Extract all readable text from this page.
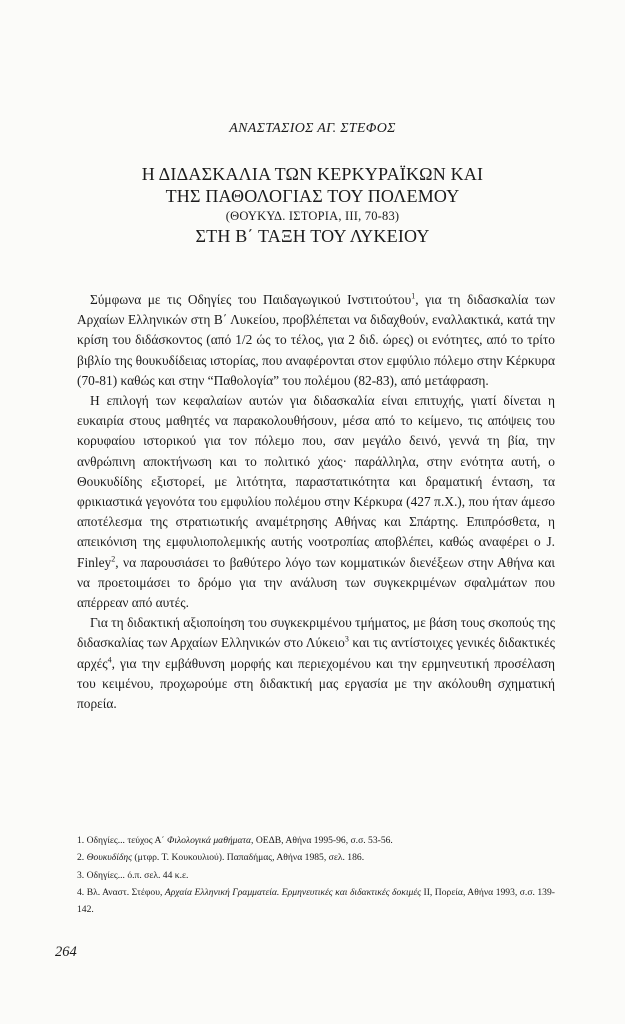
ΑΝΑΣΤΑΣΙΟΣ ΑΓ. ΣΤΕΦΟΣ
Η ΔΙΔΑΣΚΑΛΙΑ ΤΩΝ ΚΕΡΚΥΡΑΪΚΩΝ ΚΑΙ
ΤΗΣ ΠΑΘΟΛΟΓΙΑΣ ΤΟΥ ΠΟΛΕΜΟΥ
(ΘΟΥΚΥΔ. ΙΣΤΟΡΙΑ, III, 70-83)
ΣΤΗ Β΄ ΤΑΞΗ ΤΟΥ ΛΥΚΕΙΟΥ

Σύμφωνα με τις Οδηγίες του Παιδαγωγικού Ινστιτούτου$^1$, για τη διδασκαλία των Αρχαίων Ελληνικών στη Β΄ Λυκείου, προβλέπεται να διδαχθούν, εναλλακτικά, κατά την κρίση του διδάσκοντος (από 1/2 ώς το τέλος, για 2 διδ. ώρες) οι ενότητες, από το τρίτο βιβλίο της θουκυδίδειας ιστορίας, που αναφέρονται στον εμφύλιο πόλεμο στην Κέρκυρα (70-81) καθώς και στην “Παθολογία” του πολέμου (82-83), από μετάφραση.

Η επιλογή των κεφαλαίων αυτών για διδασκαλία είναι επιτυχής, γιατί δίνεται η ευκαιρία στους μαθητές να παρακολουθήσουν, μέσα από το κείμενο, τις απόψεις του κορυφαίου ιστορικού για τον πόλεμο που, σαν μεγάλο δεινό, γεννά τη βία, την ανθρώπινη αποκτήνωση και το πολιτικό χάος· παράλληλα, στην ενότητα αυτή, ο Θουκυδίδης εξιστορεί, με λιτότητα, παραστατικότητα και δραματική ένταση, τα φρικιαστικά γεγονότα του εμφυλίου πολέμου στην Κέρκυρα (427 π.Χ.), που ήταν άμεσο αποτέλεσμα της στρατιωτικής αναμέτρησης Αθήνας και Σπάρτης. Επιπρόσθετα, η απεικόνιση της εμφυλιοπολεμικής αυτής νοοτροπίας αποβλέπει, καθώς αναφέρει ο J. Finley$^2$, να παρουσιάσει το βαθύτερο λόγο των κομματικών διενέξεων στην Αθήνα και να προετοιμάσει το δρόμο για την ανάλυση των συγκεκριμένων σφαλμάτων που απέρρεαν από αυτές.

Για τη διδακτική αξιοποίηση του συγκεκριμένου τμήματος, με βάση τους σκοπούς της διδασκαλίας των Αρχαίων Ελληνικών στο Λύκειο$^3$ και τις αντίστοιχες γενικές διδακτικές αρχές$^4$, για την εμβάθυνση μορφής και περιεχομένου και την ερμηνευτική προσέλαση του κειμένου, προχωρούμε στη διδακτική μας εργασία με την ακόλουθη σχηματική πορεία.

1. Οδηγίες... τεύχος Α΄ Φιλολογικά μαθήματα, ΟΕΔΒ, Αθήνα 1995-96, σ.σ. 53-56.

2. Θουκυδίδης (μτφρ. Τ. Κουκουλιού). Παπαδήμας, Αθήνα 1985, σελ. 186.

3. Οδηγίες... ό.π. σελ. 44 κ.ε.

4. Βλ. Αναστ. Στέφου, Αρχαία Ελληνική Γραμματεία. Ερμηνευτικές και διδακτικές δοκιμές ΙΙ, Πορεία, Αθήνα 1993, σ.σ. 139-142.

264
